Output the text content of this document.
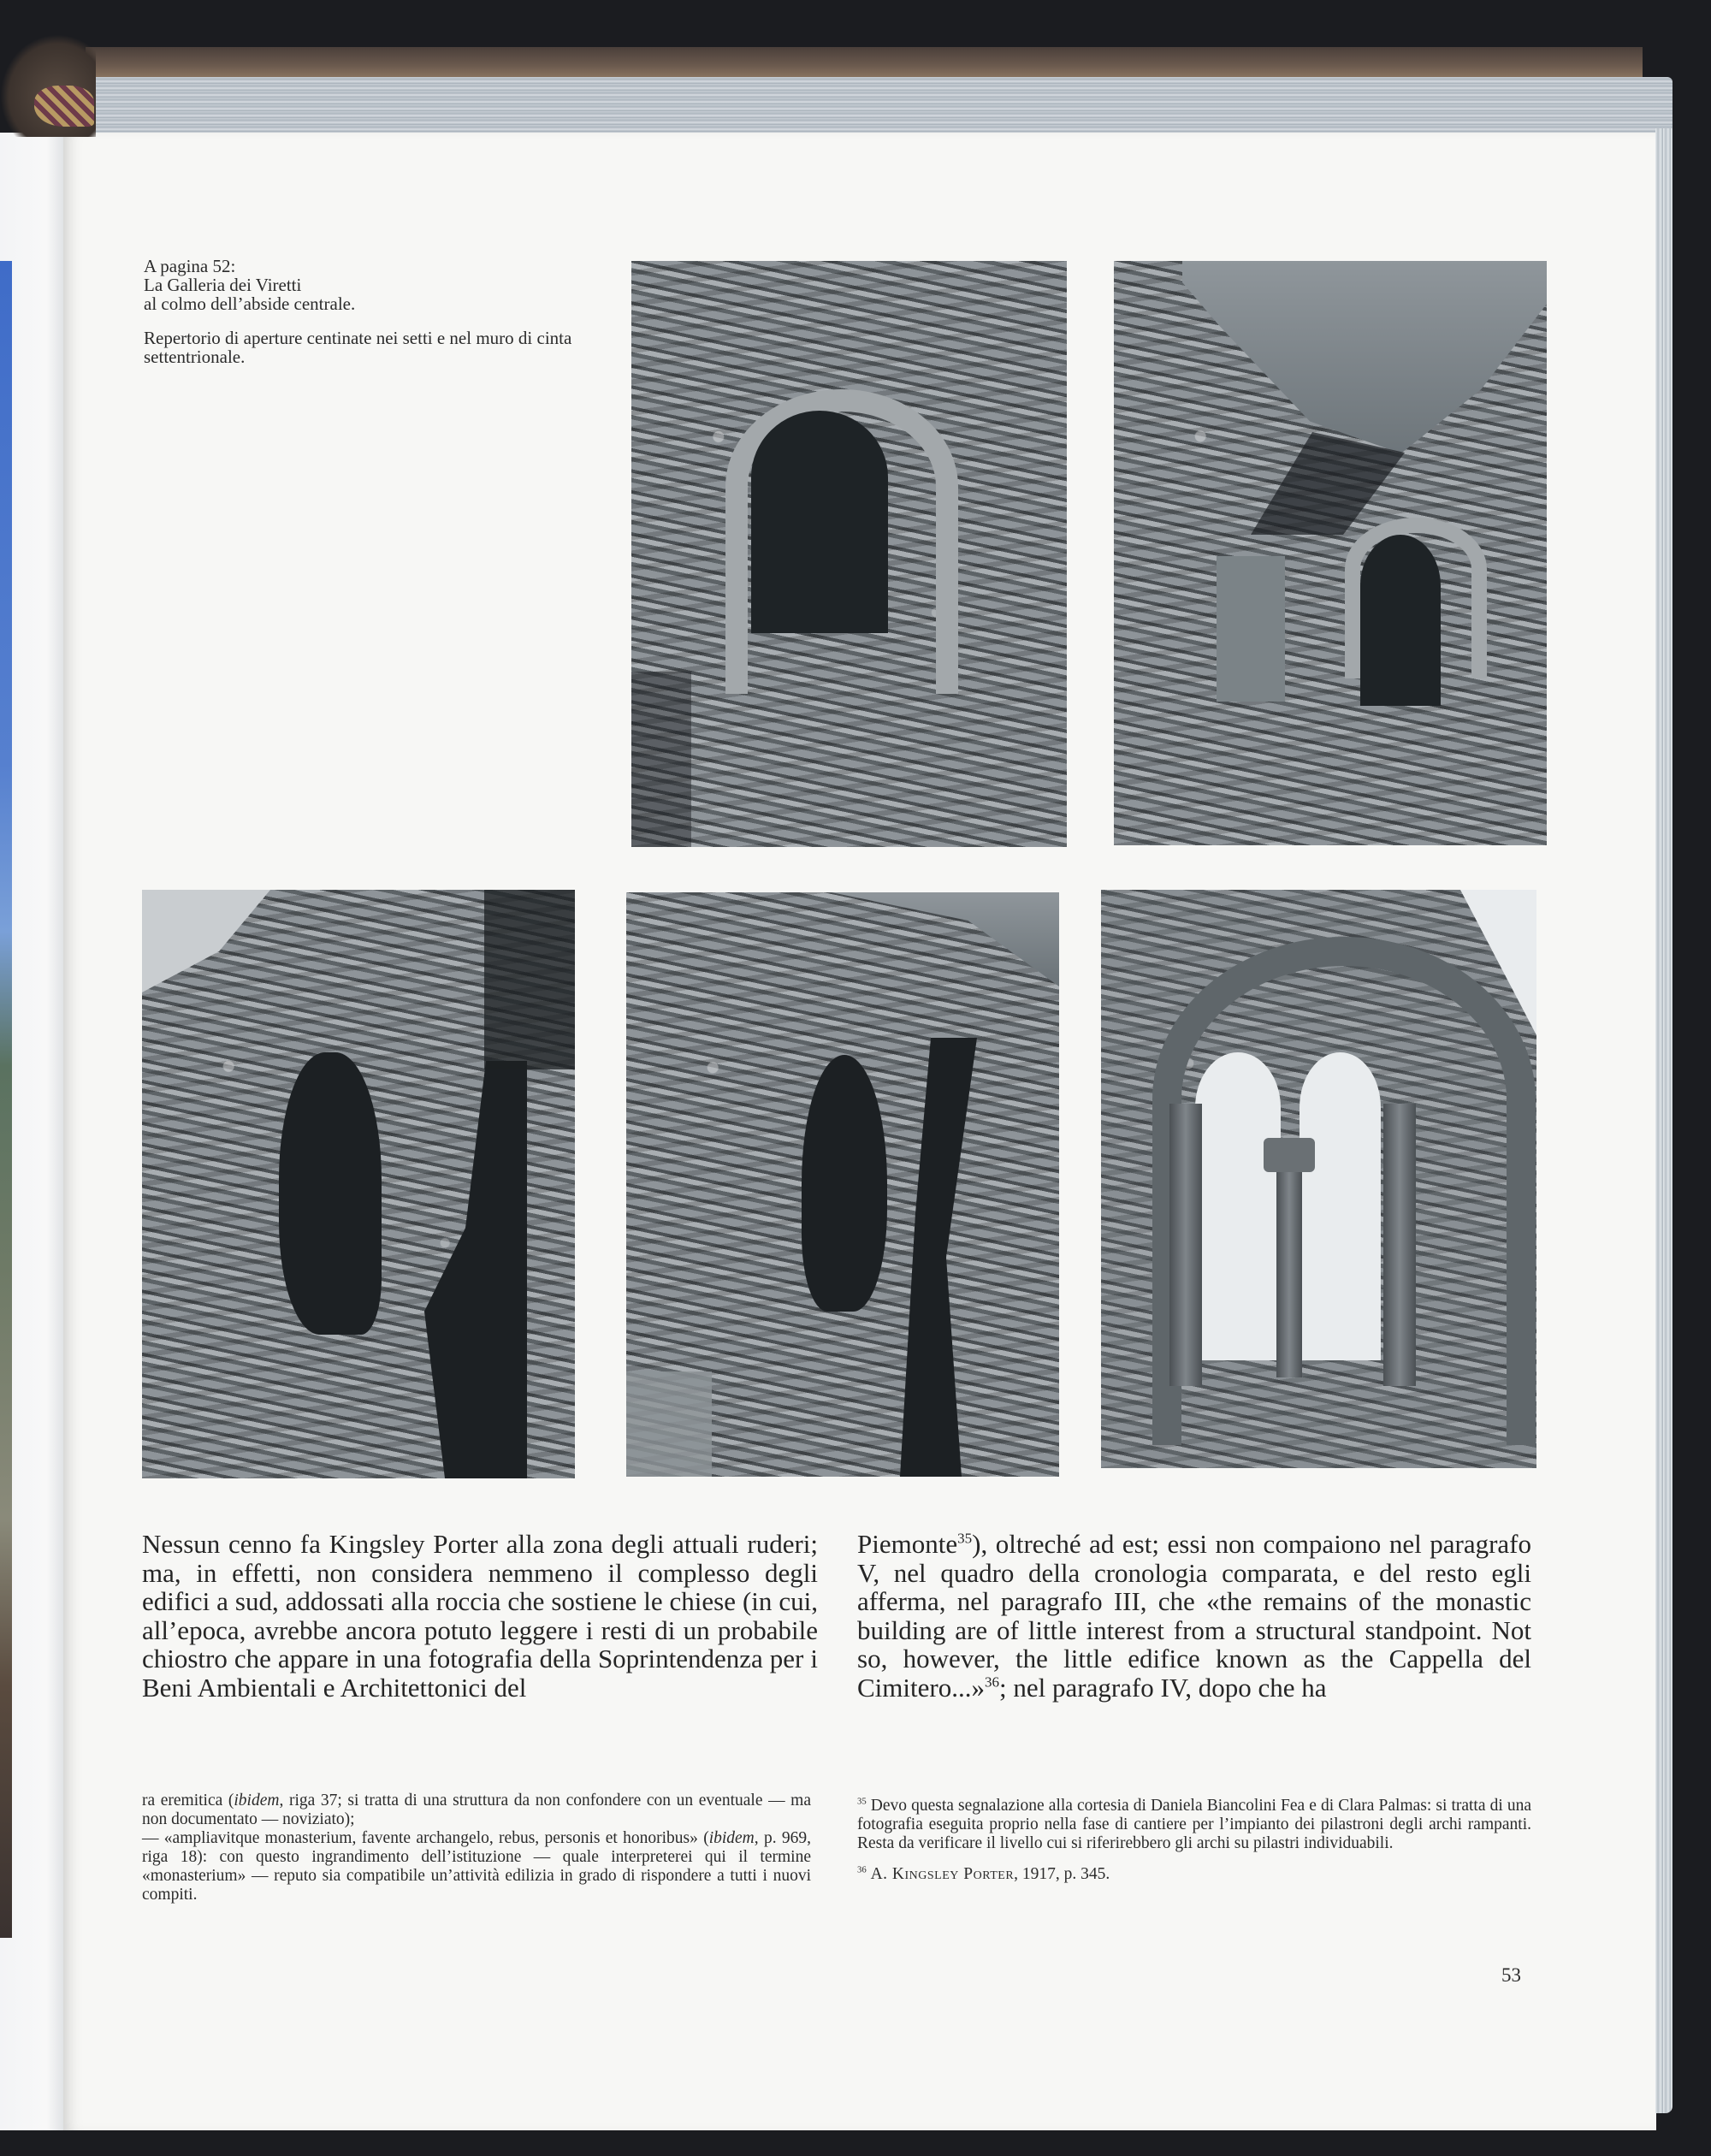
A pagina 52:
La Galleria dei Viretti
al colmo dell’abside centrale.

Repertorio di aperture centinate nei setti e nel muro di cinta settentrionale.

Nessun cenno fa Kingsley Porter alla zona degli attuali ruderi; ma, in effetti, non considera nemmeno il complesso degli edifici a sud, addossati alla roccia che sostiene le chiese (in cui, all’epoca, avrebbe ancora potuto leggere i resti di un probabile chiostro che appare in una fotografia della Soprintendenza per i Beni Ambientali e Architettonici del

Piemonte$^{35}$), oltreché ad est; essi non compaiono nel paragrafo V, nel quadro della cronologia comparata, e del resto egli afferma, nel paragrafo III, che «the remains of the monastic building are of little interest from a structural standpoint. Not so, however, the little edifice known as the Cappella del Cimitero...»$^{36}$; nel paragrafo IV, dopo che ha

ra eremitica (ibidem, riga 37; si tratta di una struttura da non confondere con un eventuale — ma non documentato — noviziato);

— «ampliavitque monasterium, favente archangelo, rebus, personis et honoribus» (ibidem, p. 969, riga 18): con questo ingrandimento dell’istituzione — quale interpreterei qui il termine «monasterium» — reputo sia compatibile un’attività edilizia in grado di rispondere a tutti i nuovi compiti.

$^{35}$ Devo questa segnalazione alla cortesia di Daniela Biancolini Fea e di Clara Palmas: si tratta di una fotografia eseguita proprio nella fase di cantiere per l’impianto dei pilastroni degli archi rampanti. Resta da verificare il livello cui si riferirebbero gli archi su pilastri individuabili.

$^{36}$ A. Kingsley Porter, 1917, p. 345.

53
